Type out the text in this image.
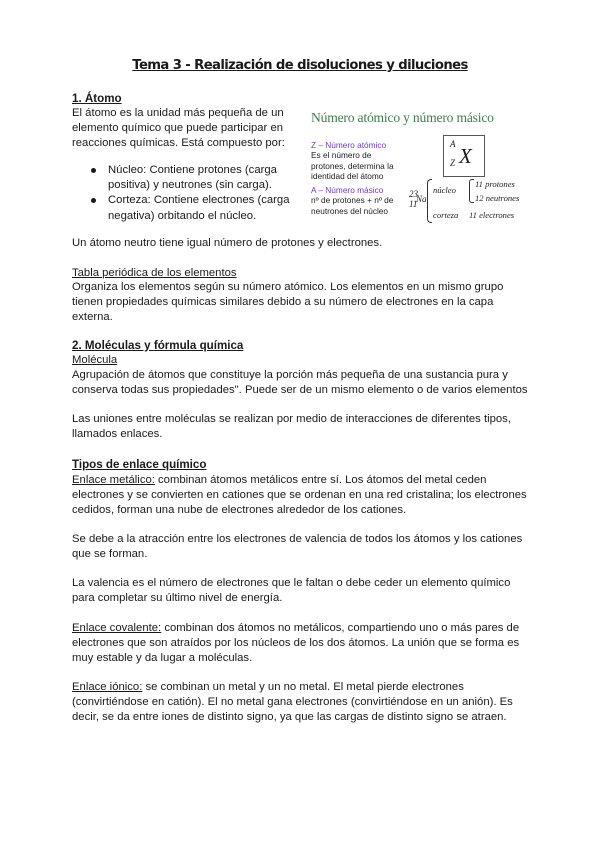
Tema 3 - Realización de disoluciones y diluciones
1. Átomo

El átomo es la unidad más pequeña de un

elemento químico que puede participar en

reacciones químicas. Está compuesto por:

Núcleo: Contiene protones (carga

positiva) y neutrones (sin carga).

Corteza: Contiene electrones (carga

negativa) orbitando el núcleo.

Número atómico y número másico
Z – Número atómico
Es el número de
protones, determina la
identidad del átomo
A – Número másico
nº de protones + nº de
neutrones del núcleo
A
Z X
23
11
Na
núcleo
corteza
11 protones
12 neutrones
11 electrones

Un átomo neutro tiene igual número de protones y electrones.

Tabla periódica de los elementos

Organiza los elementos según su número atómico. Los elementos en un mismo grupo

tienen propiedades químicas similares debido a su número de electrones en la capa

externa.

2. Moléculas y fórmula química

Molécula

Agrupación de átomos que constituye la porción más pequeña de una sustancia pura y

conserva todas sus propiedades". Puede ser de un mismo elemento o de varios elementos

Las uniones entre moléculas se realizan por medio de interacciones de diferentes tipos,

llamados enlaces.

Tipos de enlace químico

Enlace metálico: combinan átomos metálicos entre sí. Los átomos del metal ceden

electrones y se convierten en cationes que se ordenan en una red cristalina; los electrones

cedidos, forman una nube de electrones alrededor de los cationes.

Se debe a la atracción entre los electrones de valencia de todos los átomos y los cationes

que se forman.

La valencia es el número de electrones que le faltan o debe ceder un elemento químico

para completar su último nivel de energía.

Enlace covalente: combinan dos átomos no metálicos, compartiendo uno o más pares de

electrones que son atraídos por los núcleos de los dos átomos. La unión que se forma es

muy estable y da lugar a moléculas.

Enlace iónico: se combinan un metal y un no metal. El metal pierde electrones

(convirtiéndose en catión). El no metal gana electrones (convirtiéndose en un anión). Es

decir, se da entre iones de distinto signo, ya que las cargas de distinto signo se atraen.
